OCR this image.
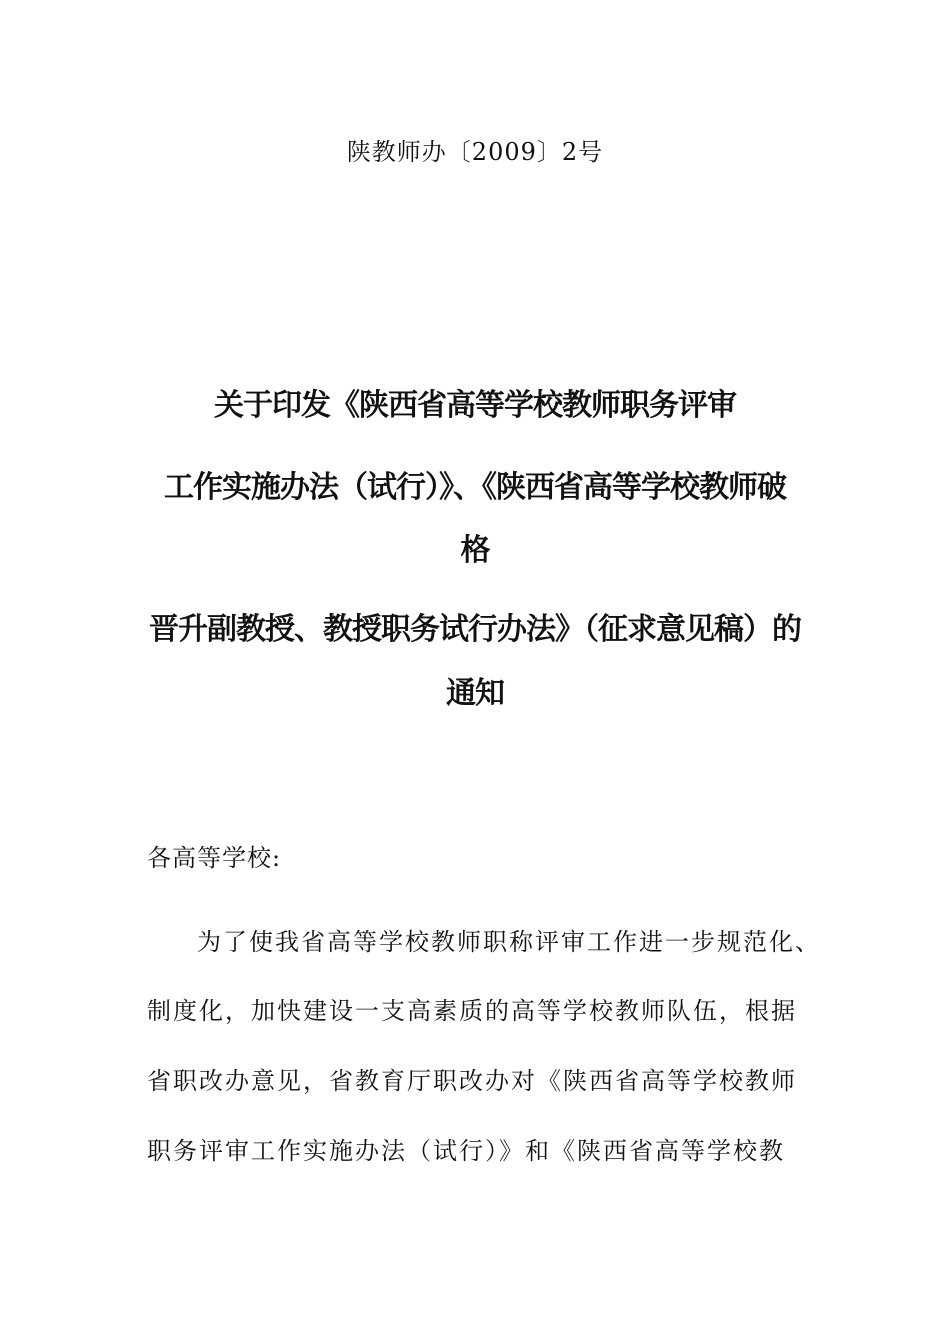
陕教师办〔2009〕2号
关于印发《陕西省高等学校教师职务评审
工作实施办法（试行）》、《陕西省高等学校教师破
格
晋升副教授、教授职务试行办法》（征求意见稿）的
通知
各高等学校:
为了使我省高等学校教师职称评审工作进一步规范化、
制度化，加快建设一支高素质的高等学校教师队伍，根据
省职改办意见，省教育厅职改办对《陕西省高等学校教师
职务评审工作实施办法（试行）》和《陕西省高等学校教
